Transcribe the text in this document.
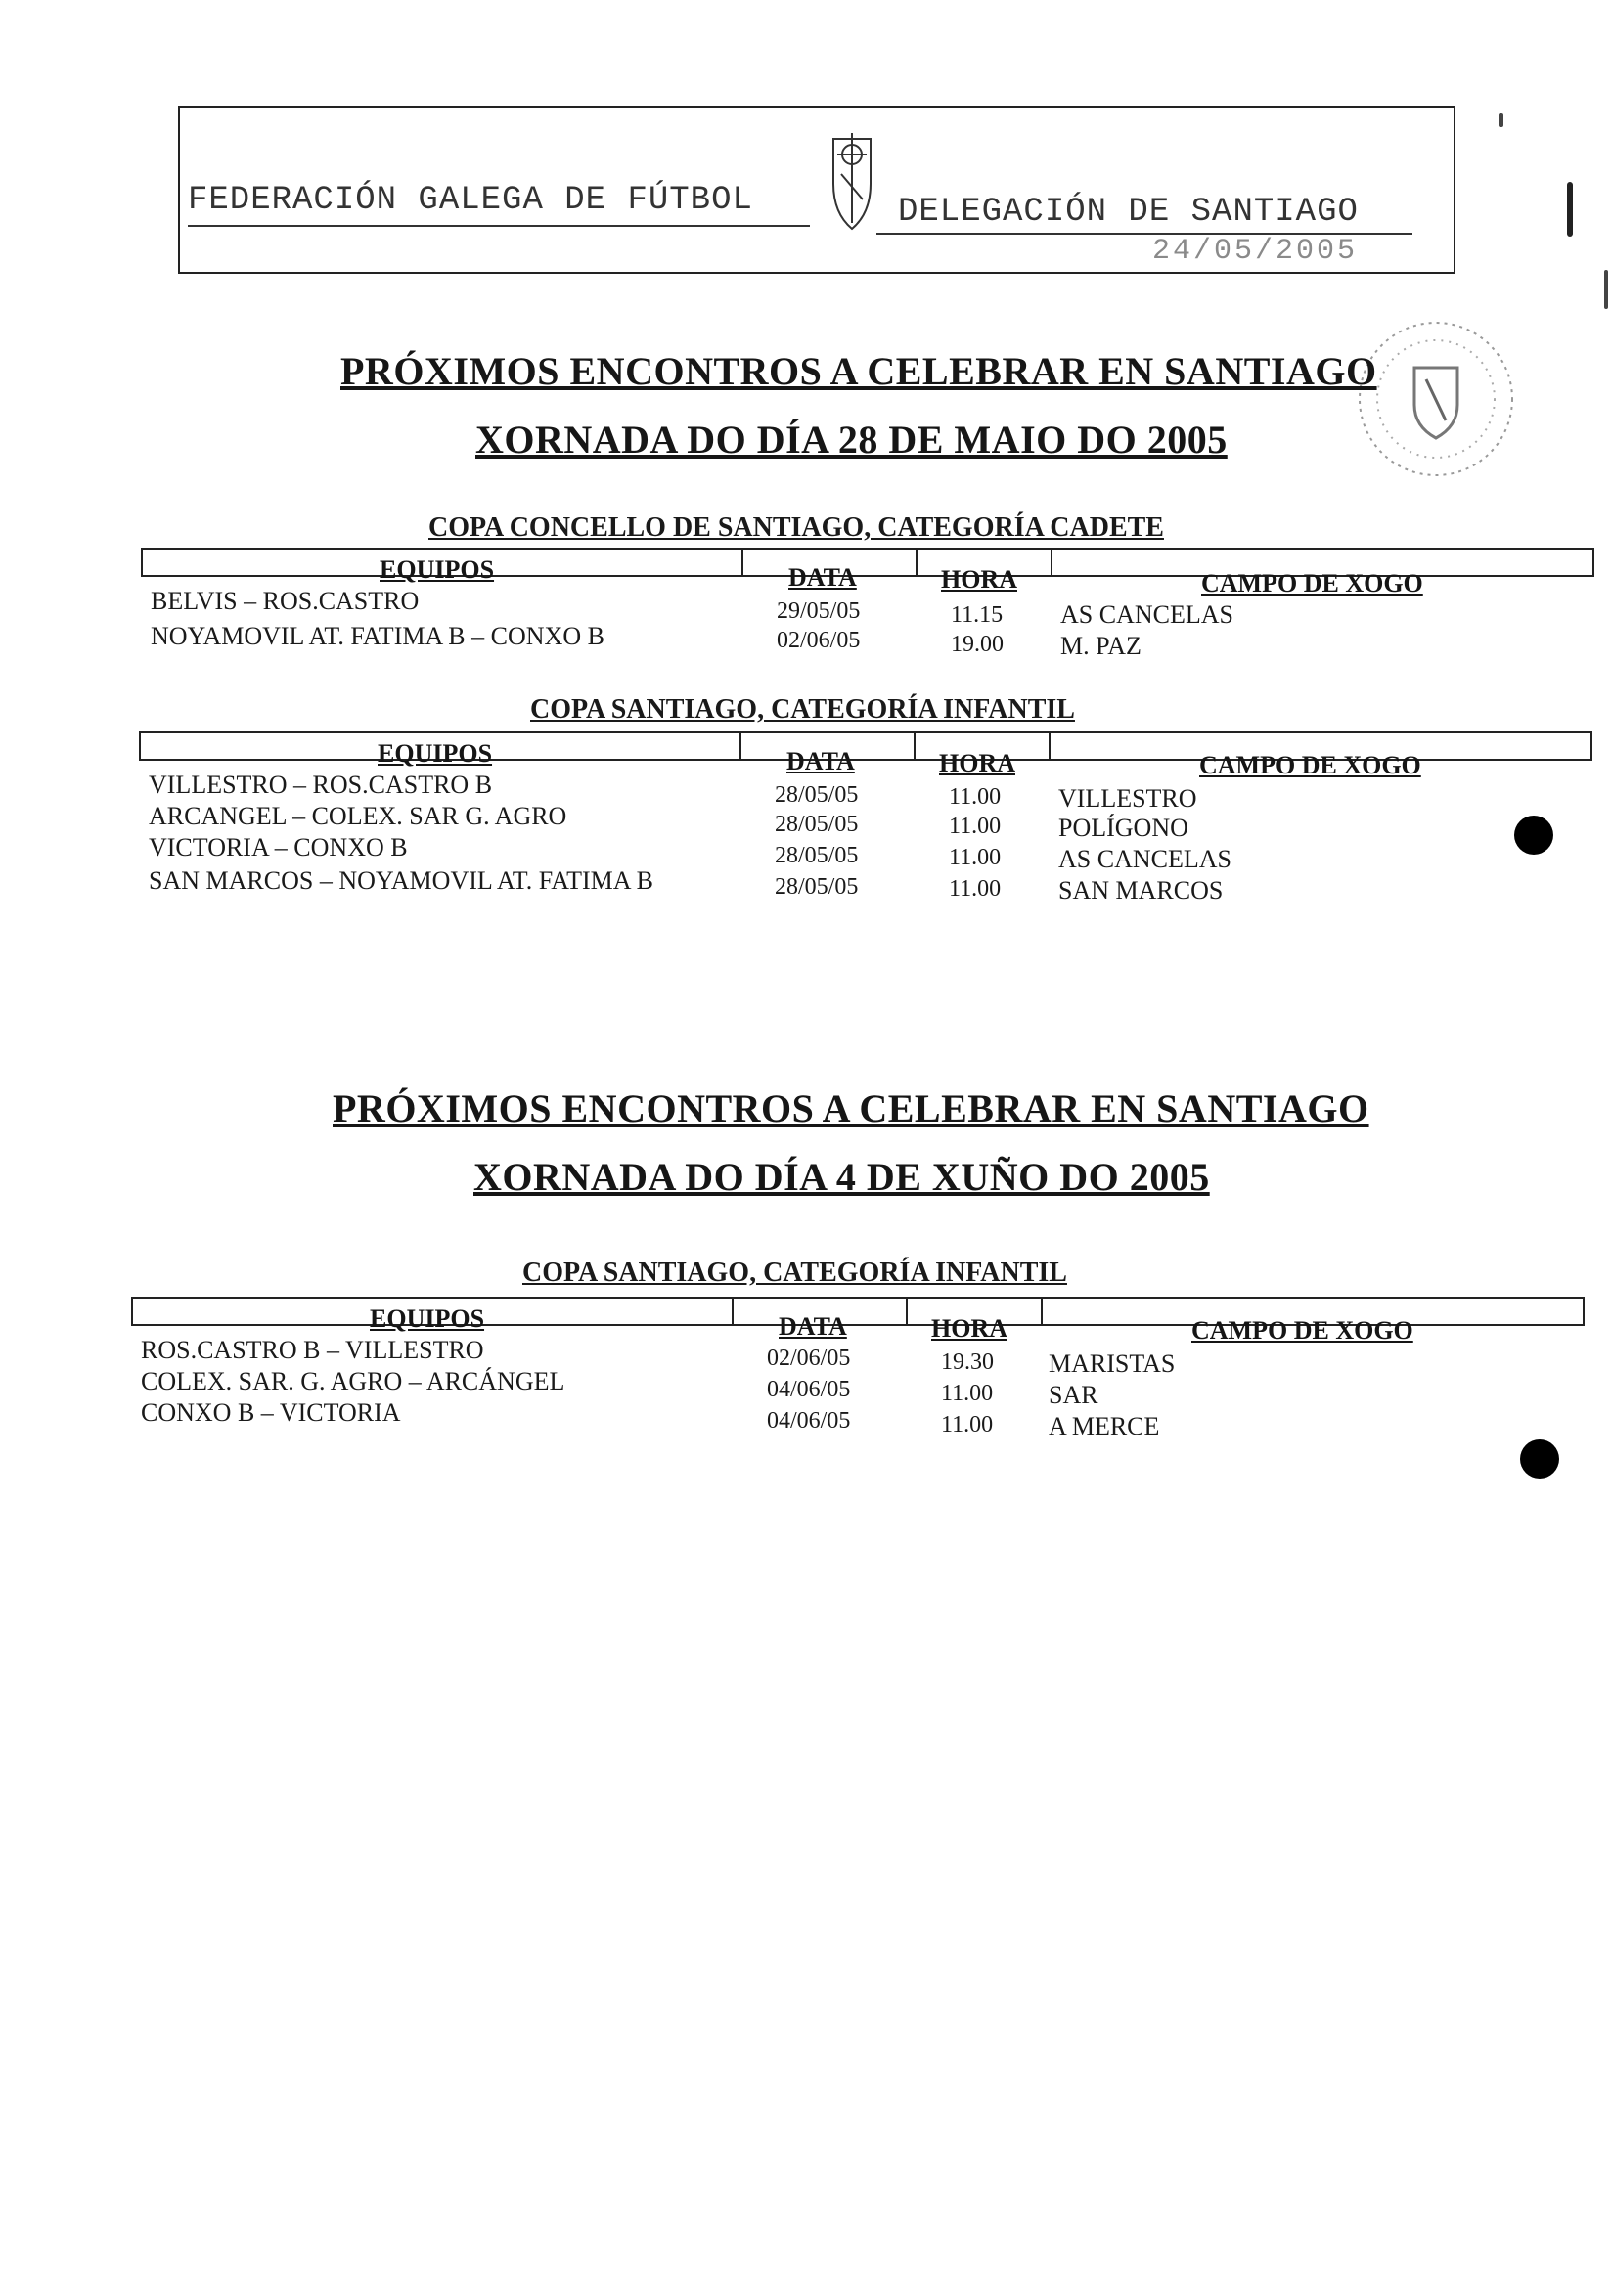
FEDERACIÓN GALEGA DE FÚTBOL	DELEGACIÓN DE SANTIAGO
24/05/2005
PRÓXIMOS ENCONTROS A CELEBRAR EN SANTIAGO
XORNADA DO DÍA 28 DE MAIO DO 2005
COPA CONCELLO DE SANTIAGO, CATEGORÍA CADETE
EQUIPOS	DATA	HORA	CAMPO DE XOGO
BELVIS – ROS.CASTRO	29/05/05	11.15 AS CANCELAS
NOYAMOVIL AT. FATIMA B – CONXO B	02/06/05	19.00 M. PAZ
COPA SANTIAGO, CATEGORÍA INFANTIL
EQUIPOS	DATA	HORA	CAMPO DE XOGO
VILLESTRO – ROS.CASTRO B	28/05/05	11.00 VILLESTRO
ARCANGEL – COLEX. SAR G. AGRO	28/05/05	11.00 POLÍGONO
VICTORIA – CONXO B	28/05/05	11.00 AS CANCELAS
SAN MARCOS – NOYAMOVIL AT. FATIMA B	28/05/05	11.00 SAN MARCOS
PRÓXIMOS ENCONTROS A CELEBRAR EN SANTIAGO
XORNADA DO DÍA 4 DE XUÑO DO 2005
COPA SANTIAGO, CATEGORÍA INFANTIL
EQUIPOS	DATA	HORA	CAMPO DE XOGO
ROS.CASTRO B – VILLESTRO	02/06/05	19.30 MARISTAS
COLEX. SAR. G. AGRO – ARCÁNGEL	04/06/05	11.00 SAR
CONXO B – VICTORIA	04/06/05	11.00 A MERCE
